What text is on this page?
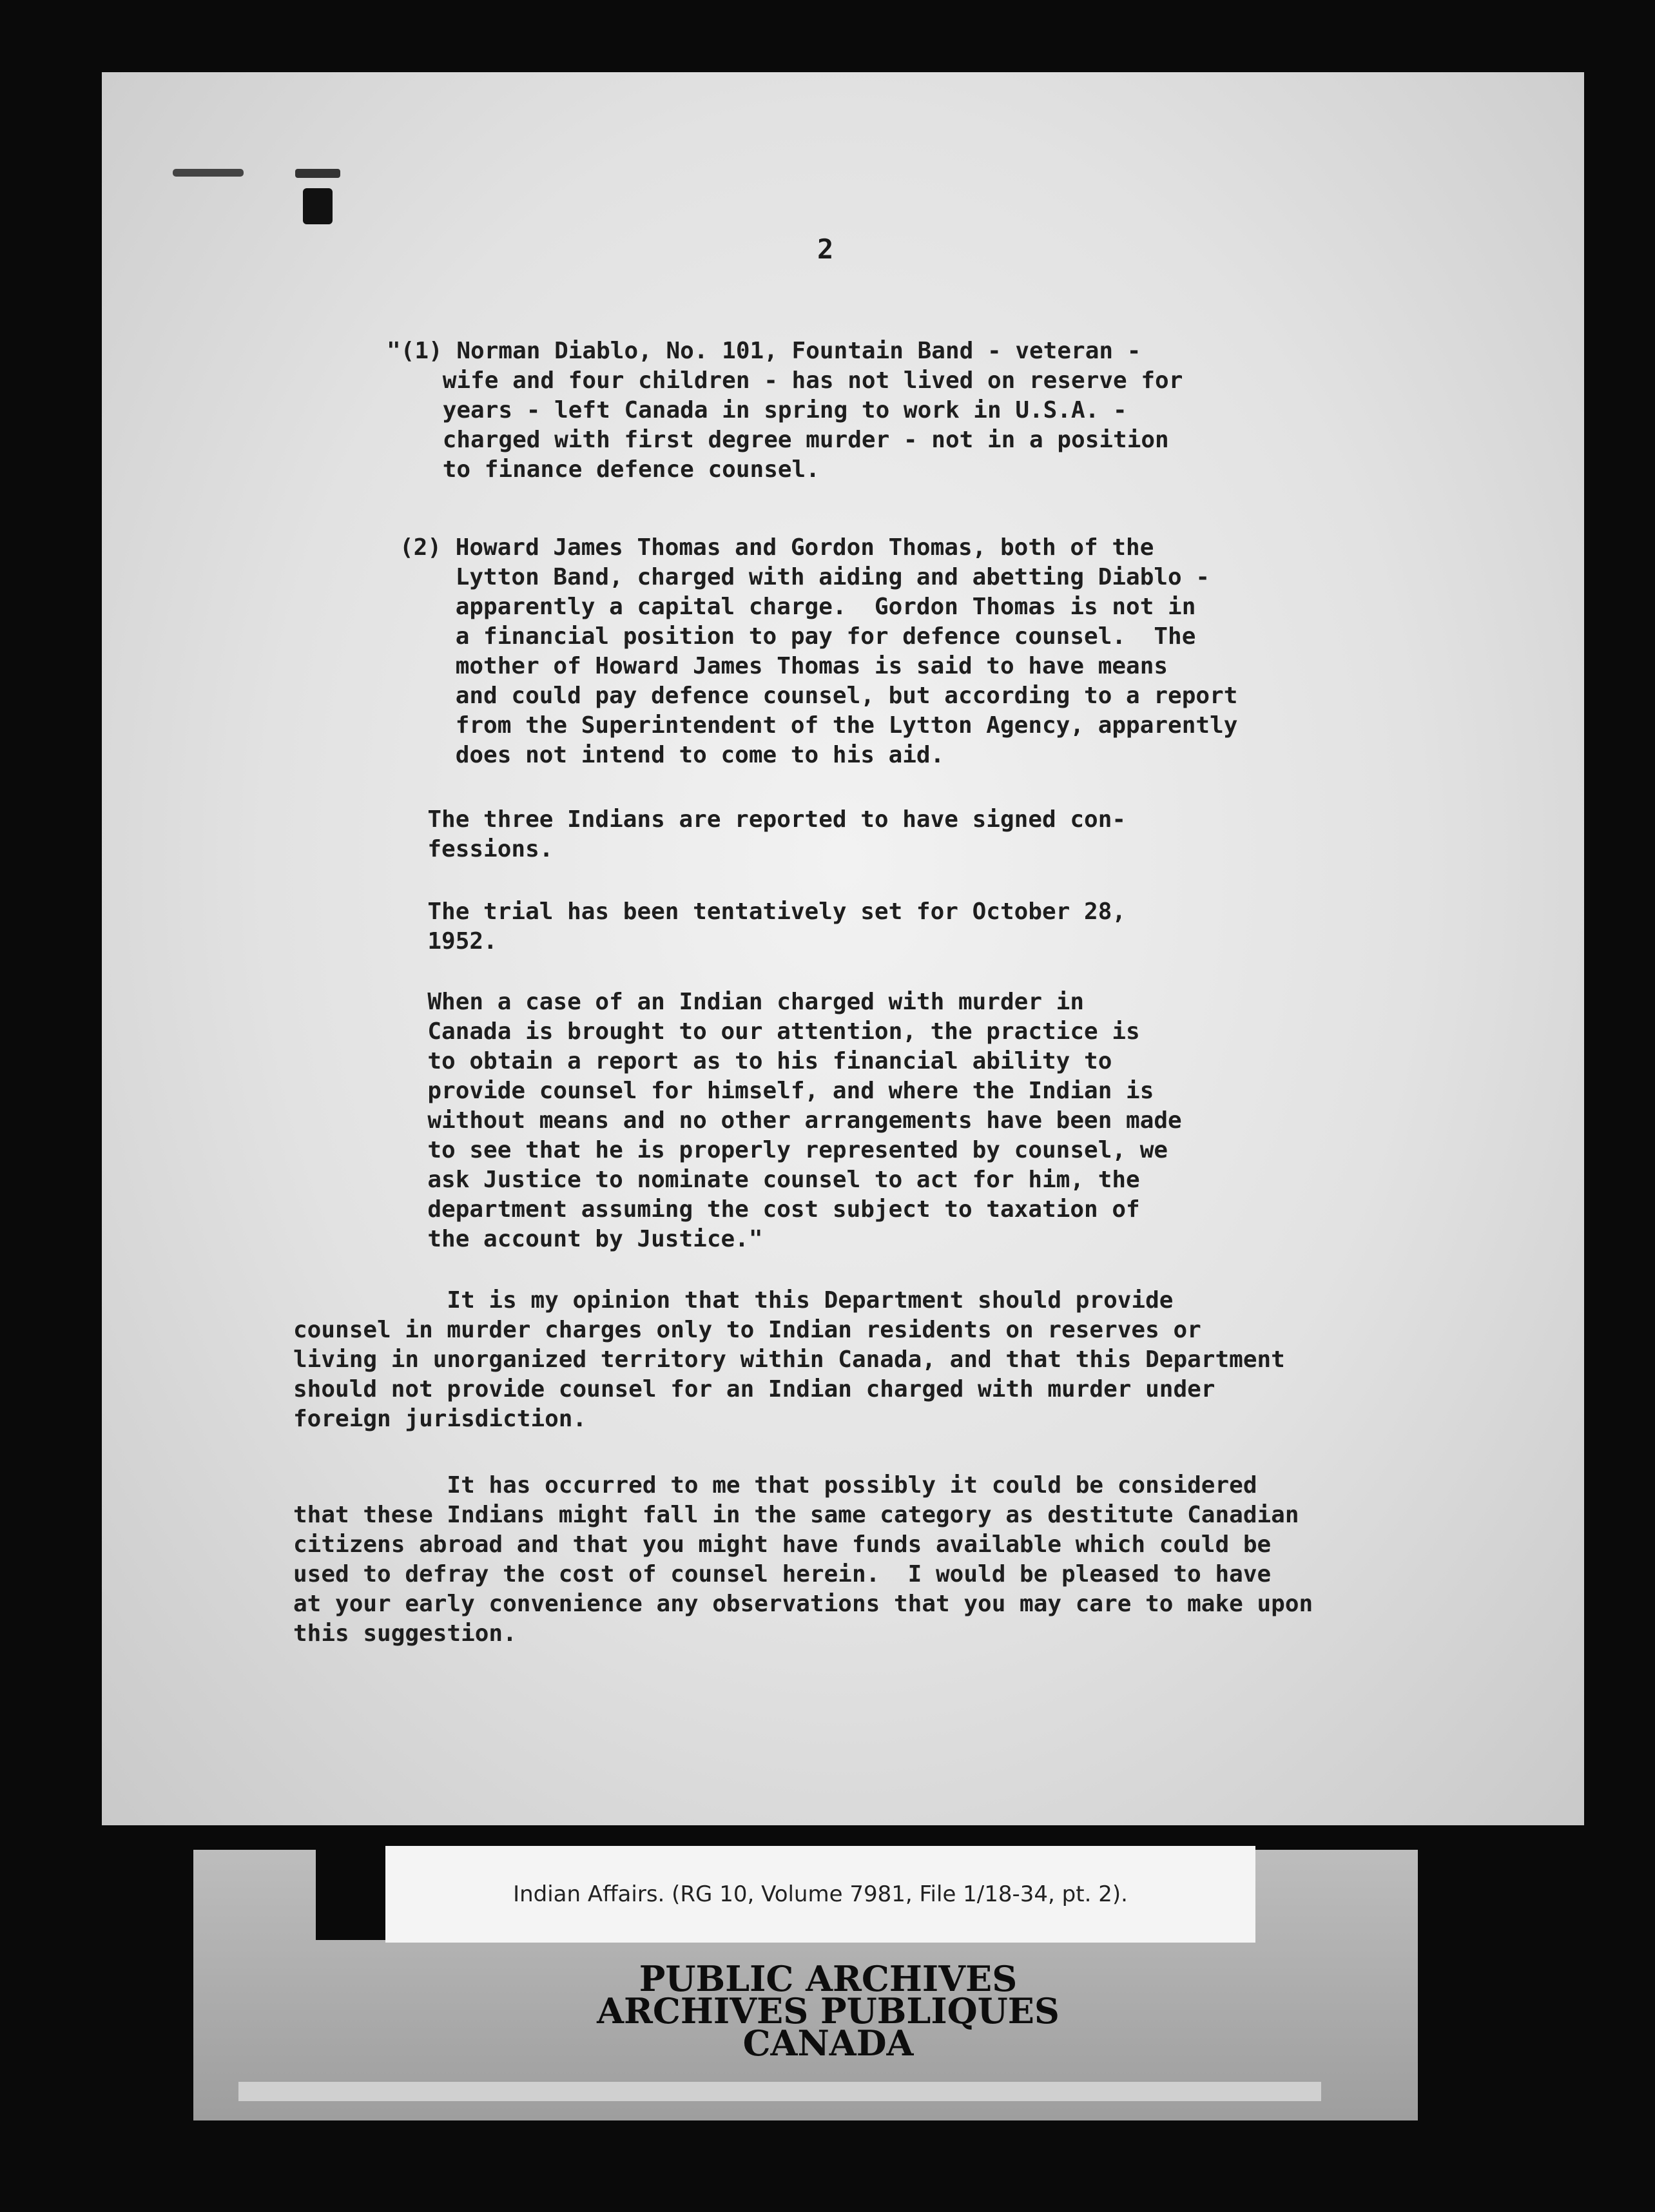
2
"(1) Norman Diablo, No. 101, Fountain Band - veteran -
wife and four children - has not lived on reserve for
years - left Canada in spring to work in U.S.A. -
charged with first degree murder - not in a position
to finance defence counsel.
(2) Howard James Thomas and Gordon Thomas, both of the
Lytton Band, charged with aiding and abetting Diablo -
apparently a capital charge.  Gordon Thomas is not in
a financial position to pay for defence counsel.  The
mother of Howard James Thomas is said to have means
and could pay defence counsel, but according to a report
from the Superintendent of the Lytton Agency, apparently
does not intend to come to his aid.
The three Indians are reported to have signed con-
fessions.
The trial has been tentatively set for October 28,
1952.
When a case of an Indian charged with murder in
Canada is brought to our attention, the practice is
to obtain a report as to his financial ability to
provide counsel for himself, and where the Indian is
without means and no other arrangements have been made
to see that he is properly represented by counsel, we
ask Justice to nominate counsel to act for him, the
department assuming the cost subject to taxation of
the account by Justice."
It is my opinion that this Department should provide
counsel in murder charges only to Indian residents on reserves or
living in unorganized territory within Canada, and that this Department
should not provide counsel for an Indian charged with murder under
foreign jurisdiction.
It has occurred to me that possibly it could be considered
that these Indians might fall in the same category as destitute Canadian
citizens abroad and that you might have funds available which could be
used to defray the cost of counsel herein.  I would be pleased to have
at your early convenience any observations that you may care to make upon
this suggestion.
Indian Affairs. (RG 10, Volume 7981, File 1/18-34, pt. 2).
PUBLIC ARCHIVES
ARCHIVES PUBLIQUES
CANADA
